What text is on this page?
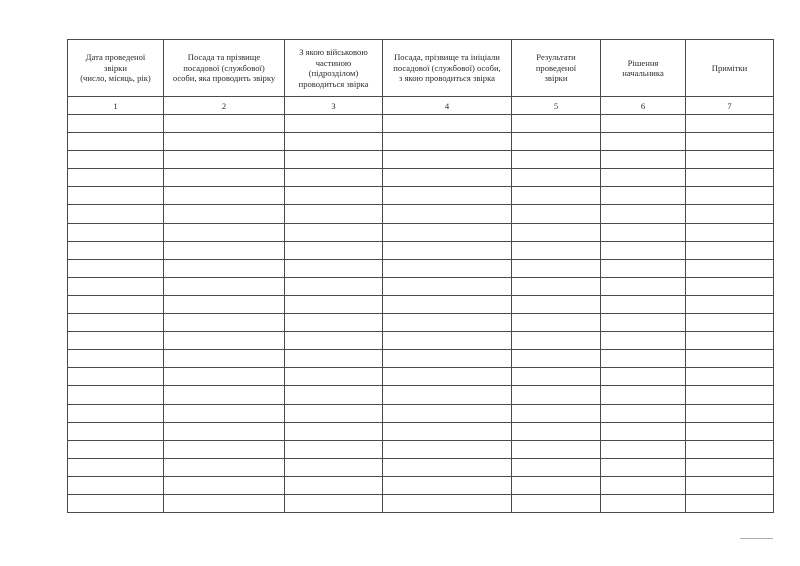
Дата проведеної
звірки
(число, місяць, рік)	Посада та прізвище
посадової (службової)
особи, яка проводить звірку	З якою військовою
частиною
(підрозділом)
проводиться звірка	Посада, прізвище та ініціали
посадової (службової) особи,
з якою проводиться звірка	Результати
проведеної
звірки	Рішення
начальника	Примітки

1	2	3	4	5	6	7
